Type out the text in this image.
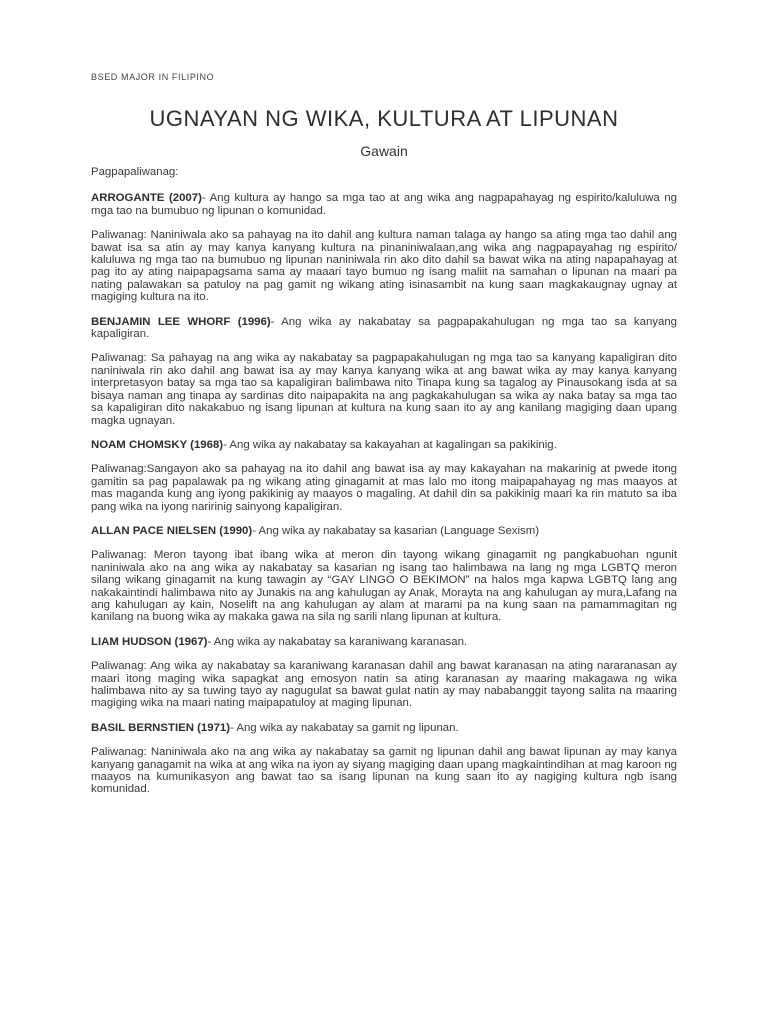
BSED MAJOR IN FILIPINO
UGNAYAN NG WIKA, KULTURA AT LIPUNAN
Gawain

Pagpapaliwanag:

ARROGANTE (2007)- Ang kultura ay hango sa mga tao at ang wika ang nagpapahayag ng espirito/kaluluwa ng mga tao na bumubuo ng lipunan o komunidad.

Paliwanag: Naniniwala ako sa pahayag na ito dahil ang kultura naman talaga ay hango sa ating mga tao dahil ang bawat isa sa atin ay may kanya kanyang kultura na pinaniniwalaan,ang wika ang nagpapayahag ng espirito/ kaluluwa ng mga tao na bumubuo ng lipunan naniniwala rin ako dito dahil sa bawat wika na ating napapahayag at pag ito ay ating naipapagsama sama ay maaari tayo bumuo ng isang maliit na samahan o lipunan na maari pa nating palawakan sa patuloy na pag gamit ng wikang ating isinasambit na kung saan magkakaugnay ugnay at magiging kultura na ito.

BENJAMIN LEE WHORF (1996)- Ang wika ay nakabatay sa pagpapakahulugan ng mga tao sa kanyang kapaligiran.

Paliwanag: Sa pahayag na ang wika ay nakabatay sa pagpapakahulugan ng mga tao sa kanyang kapaligiran dito naniniwala rin ako dahil ang bawat isa ay may kanya kanyang wika at ang bawat wika ay may kanya kanyang interpretasyon batay sa mga tao sa kapaligiran balimbawa nito Tinapa kung sa tagalog ay Pinausokang isda at sa bisaya naman ang tinapa ay sardinas dito naipapakita na ang pagkakahulugan sa wika ay naka batay sa mga tao sa kapaligiran dito nakakabuo ng isang lipunan at kultura na kung saan ito ay ang kanilang magiging daan upang magka ugnayan.

NOAM CHOMSKY (1968)- Ang wika ay nakabatay sa kakayahan at kagalingan sa pakikinig.

Paliwanag:Sangayon ako sa pahayag na ito dahil ang bawat isa ay may kakayahan na makarinig at pwede itong gamitin sa pag papalawak pa ng wikang ating ginagamit at mas lalo mo itong maipapahayag ng mas maayos at mas maganda kung ang iyong pakikinig ay maayos o magaling. At dahil din sa pakikinig maari ka rin matuto sa iba pang wika na iyong naririnig sainyong kapaligiran.

ALLAN PACE NIELSEN (1990)- Ang wika ay nakabatay sa kasarian (Language Sexism)

Paliwanag: Meron tayong ibat ibang wika at meron din tayong wikang ginagamit ng pangkabuohan ngunit naniniwala ako na ang wika ay nakabatay sa kasarian ng isang tao halimbawa na lang ng mga LGBTQ meron silang wikang ginagamit na kung tawagin ay “GAY LINGO O BEKIMON” na halos mga kapwa LGBTQ lang ang nakakaintindi halimbawa nito ay Junakis na ang kahulugan ay Anak, Morayta na ang kahulugan ay mura,Lafang na ang kahulugan ay kain, Noselift na ang kahulugan ay alam at marami pa na kung saan na pamammagitan ng kanilang na buong wika ay makaka gawa na sila ng sarili nlang lipunan at kultura.

LIAM HUDSON (1967)- Ang wika ay nakabatay sa karaniwang karanasan.

Paliwanag: Ang wika ay nakabatay sa karaniwang karanasan dahil ang bawat karanasan na ating nararanasan ay maari itong maging wika sapagkat ang emosyon natin sa ating karanasan ay maaring makagawa ng wika halimbawa nito ay sa tuwing tayo ay nagugulat sa bawat gulat natin ay may nababanggit tayong salita na maaring magiging wika na maari nating maipapatuloy at maging lipunan.

BASIL BERNSTIEN (1971)- Ang wika ay nakabatay sa gamit ng lipunan.

Paliwanag: Naniniwala ako na ang wika ay nakabatay sa gamit ng lipunan dahil ang bawat lipunan ay may kanya kanyang ganagamit na wika at ang wika na iyon ay siyang magiging daan upang magkaintindihan at mag karoon ng maayos na kumunikasyon ang bawat tao sa isang lipunan na kung saan ito ay nagiging kultura ngb isang komunidad.
